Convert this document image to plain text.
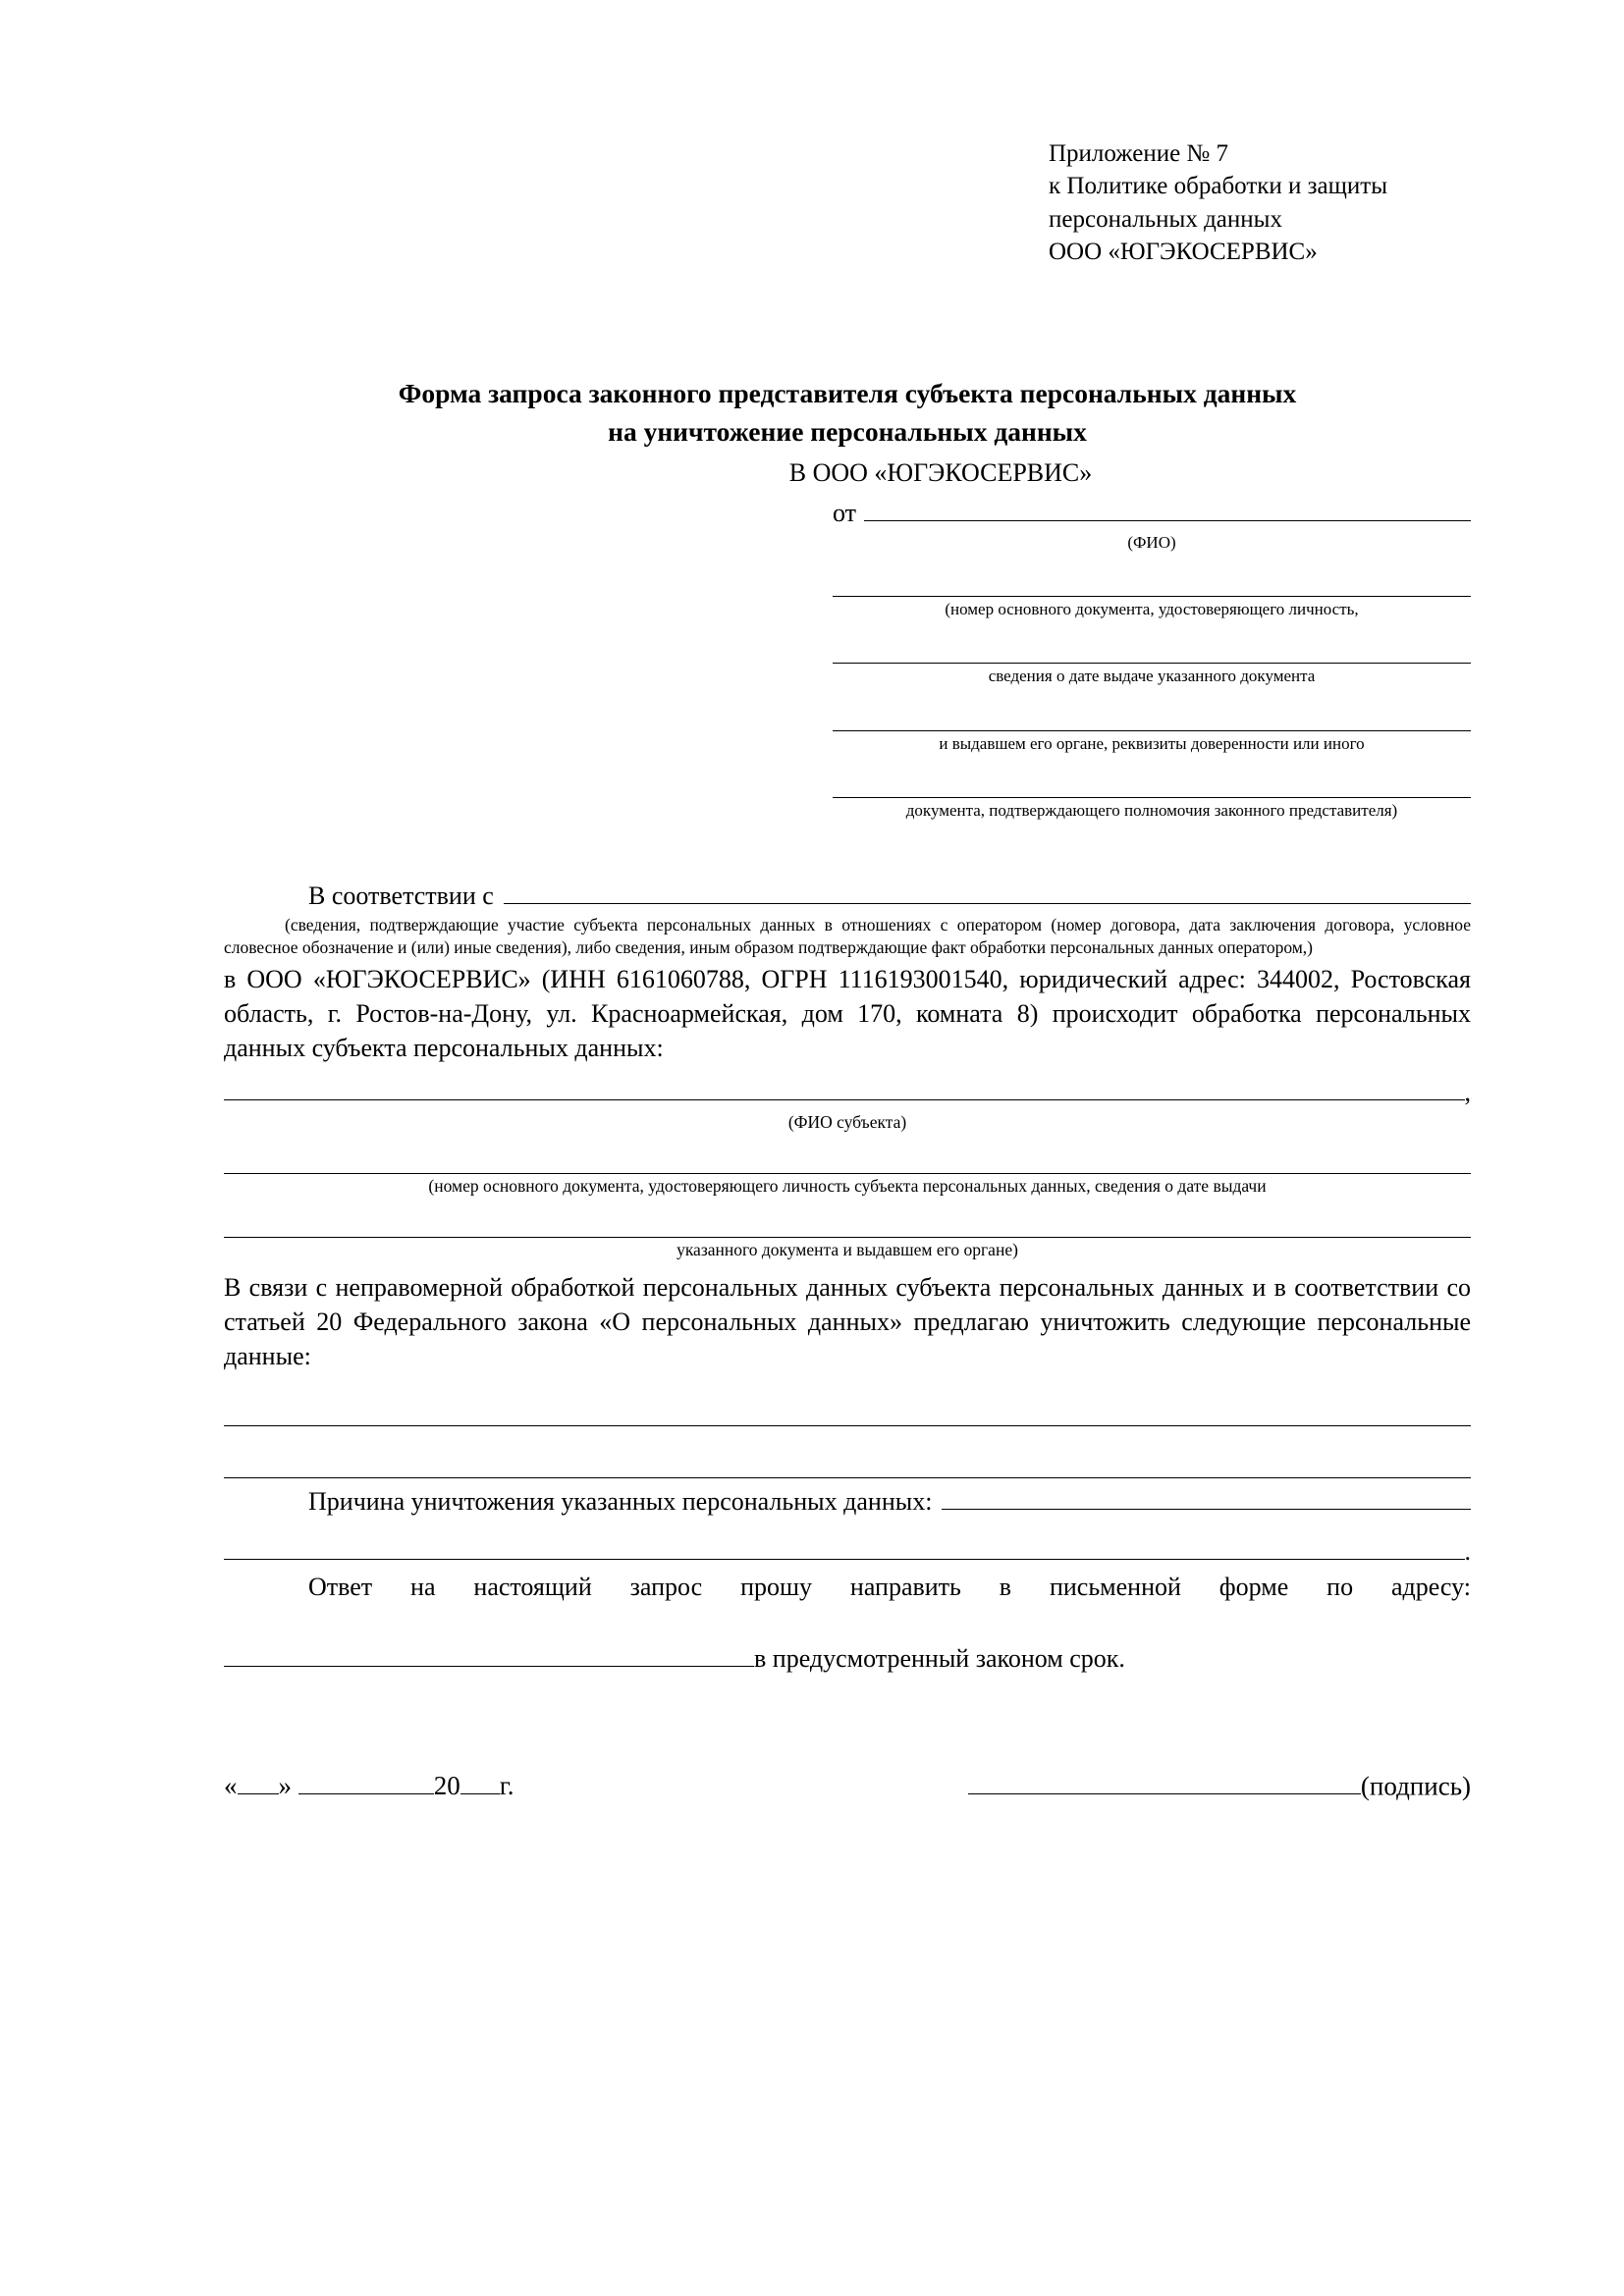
Приложение № 7
к Политике обработки и защиты
персональных данных
ООО «ЮГЭКОСЕРВИС»
Форма запроса законного представителя субъекта персональных данных
на уничтожение персональных данных
В ООО «ЮГЭКОСЕРВИС»
от
(ФИО)
(номер основного документа, удостоверяющего личность,
сведения о дате выдаче указанного документа
и выдавшем его органе, реквизиты доверенности или иного
документа, подтверждающего полномочия законного представителя)
В соответствии с
(сведения, подтверждающие участие субъекта персональных данных в отношениях с оператором (номер договора, дата заключения договора, условное словесное обозначение и (или) иные сведения), либо сведения, иным образом подтверждающие факт обработки персональных данных оператором,)

в ООО «ЮГЭКОСЕРВИС» (ИНН 6161060788, ОГРН 1116193001540, юридический адрес: 344002, Ростовская область, г. Ростов-на-Дону, ул. Красноармейская, дом 170, комната 8) происходит обработка персональных данных субъекта персональных данных:

,
(ФИО субъекта)
(номер основного документа, удостоверяющего личность субъекта персональных данных, сведения о дате выдачи
указанного документа и выдавшем его органе)

В связи с неправомерной обработкой персональных данных субъекта персональных данных и в соответствии со статьей 20 Федерального закона «О персональных данных» предлагаю уничтожить следующие персональные данные:

Причина уничтожения указанных персональных данных:
.
Ответ на настоящий запрос прошу направить в письменной форме по адресу:
в предусмотренный законом срок.
« »	20 г.	(подпись)
